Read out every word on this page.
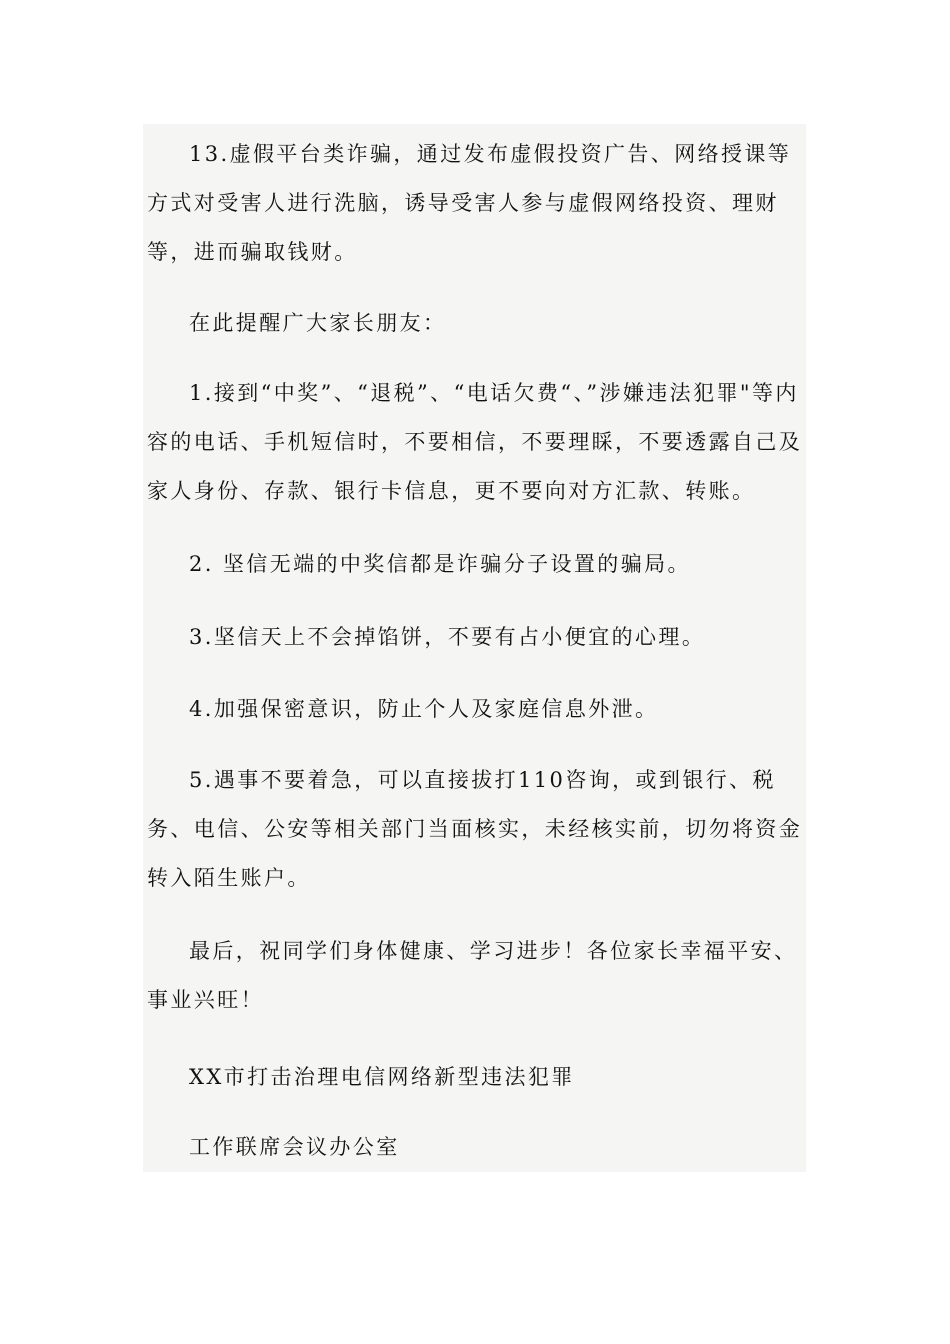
13.虚假平台类诈骗，通过发布虚假投资广告、网络授课等方式对受害人进行洗脑，诱导受害人参与虚假网络投资、理财等，进而骗取钱财。

在此提醒广大家长朋友：

1.接到“中奖”、“退税”、“电话欠费“、”涉嫌违法犯罪"等内容的电话、手机短信时，不要相信，不要理睬，不要透露自己及家人身份、存款、银行卡信息，更不要向对方汇款、转账。

2. 坚信无端的中奖信都是诈骗分子设置的骗局。

3.坚信天上不会掉馅饼，不要有占小便宜的心理。

4.加强保密意识，防止个人及家庭信息外泄。

5.遇事不要着急，可以直接拔打110咨询，或到银行、税务、电信、公安等相关部门当面核实，未经核实前，切勿将资金转入陌生账户。

最后，祝同学们身体健康、学习进步！各位家长幸福平安、事业兴旺！

XX市打击治理电信网络新型违法犯罪

工作联席会议办公室
